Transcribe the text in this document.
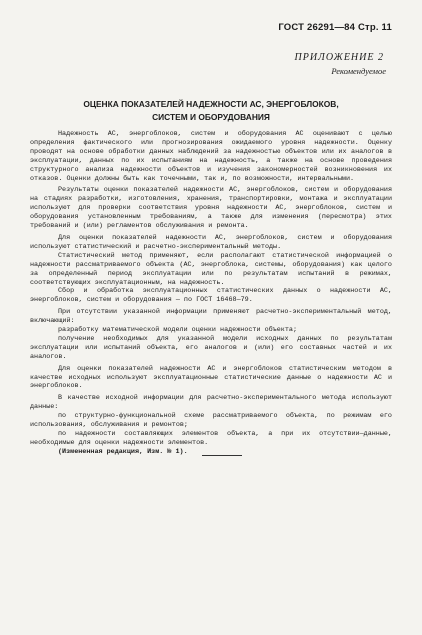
ГОСТ 26291—84 Стр. 11
ПРИЛОЖЕНИЕ 2
Рекомендуемое
ОЦЕНКА ПОКАЗАТЕЛЕЙ НАДЕЖНОСТИ АС, ЭНЕРГОБЛОКОВ,
СИСТЕМ И ОБОРУДОВАНИЯ

Надежность АС, энергоблоков, систем и оборудования АС оценивают с целью определения фактического или прогнозирования ожидаемого уровня надежности. Оценку проводят на основе обработки данных наблюдений за надежностью объектов или их аналогов в эксплуатации, данных по их испытаниям на надежность, а также на основе проведения структурного анализа надежности объектов и изучения закономерностей возникновения их отказов. Оценки должны быть как точечными, так и, по возможности, интервальными.

Результаты оценки показателей надежности АС, энергоблоков, систем и оборудования на стадиях разработки, изготовления, хранения, транспортировки, монтажа и эксплуатации используют для проверки соответствия уровня надежности АС, энергоблоков, систем и оборудования установленным требованиям, а также для изменения (пересмотра) этих требований и (или) регламентов обслуживания и ремонта.

Для оценки показателей надежности АС, энергоблоков, систем и оборудования используют статистический и расчетно-экспериментальный методы.

Статистический метод применяют, если располагают статистической информацией о надежности рассматриваемого объекта (АС, энергоблока, системы, оборудования) как целого за определенный период эксплуатации или по результатам испытаний в режимах, соответствующих эксплуатационным, на надежность.

Сбор и обработка эксплуатационных статистических данных о надежности АС, энергоблоков, систем и оборудования — по ГОСТ 16468—79.

При отсутствии указанной информации применяют расчетно-экспериментальный метод, включающий:

разработку математической модели оценки надежности объекта;

получение необходимых для указанной модели исходных данных по результатам эксплуатации или испытаний объекта, его аналогов и (или) его составных частей и их аналогов.

Для оценки показателей надежности АС и энергоблоков статистическим методом в качестве исходных используют эксплуатационные статистические данные о надежности АС и энергоблоков.

В качестве исходной информации для расчетно-экспериментального метода используют данные:

по структурно-функциональной схеме рассматриваемого объекта, по режимам его использования, обслуживания и ремонтов;

по надежности составляющих элементов объекта, а при их отсутствии—данные, необходимые для оценки надежности элементов.

(Измененная редакция, Изм. № 1).
